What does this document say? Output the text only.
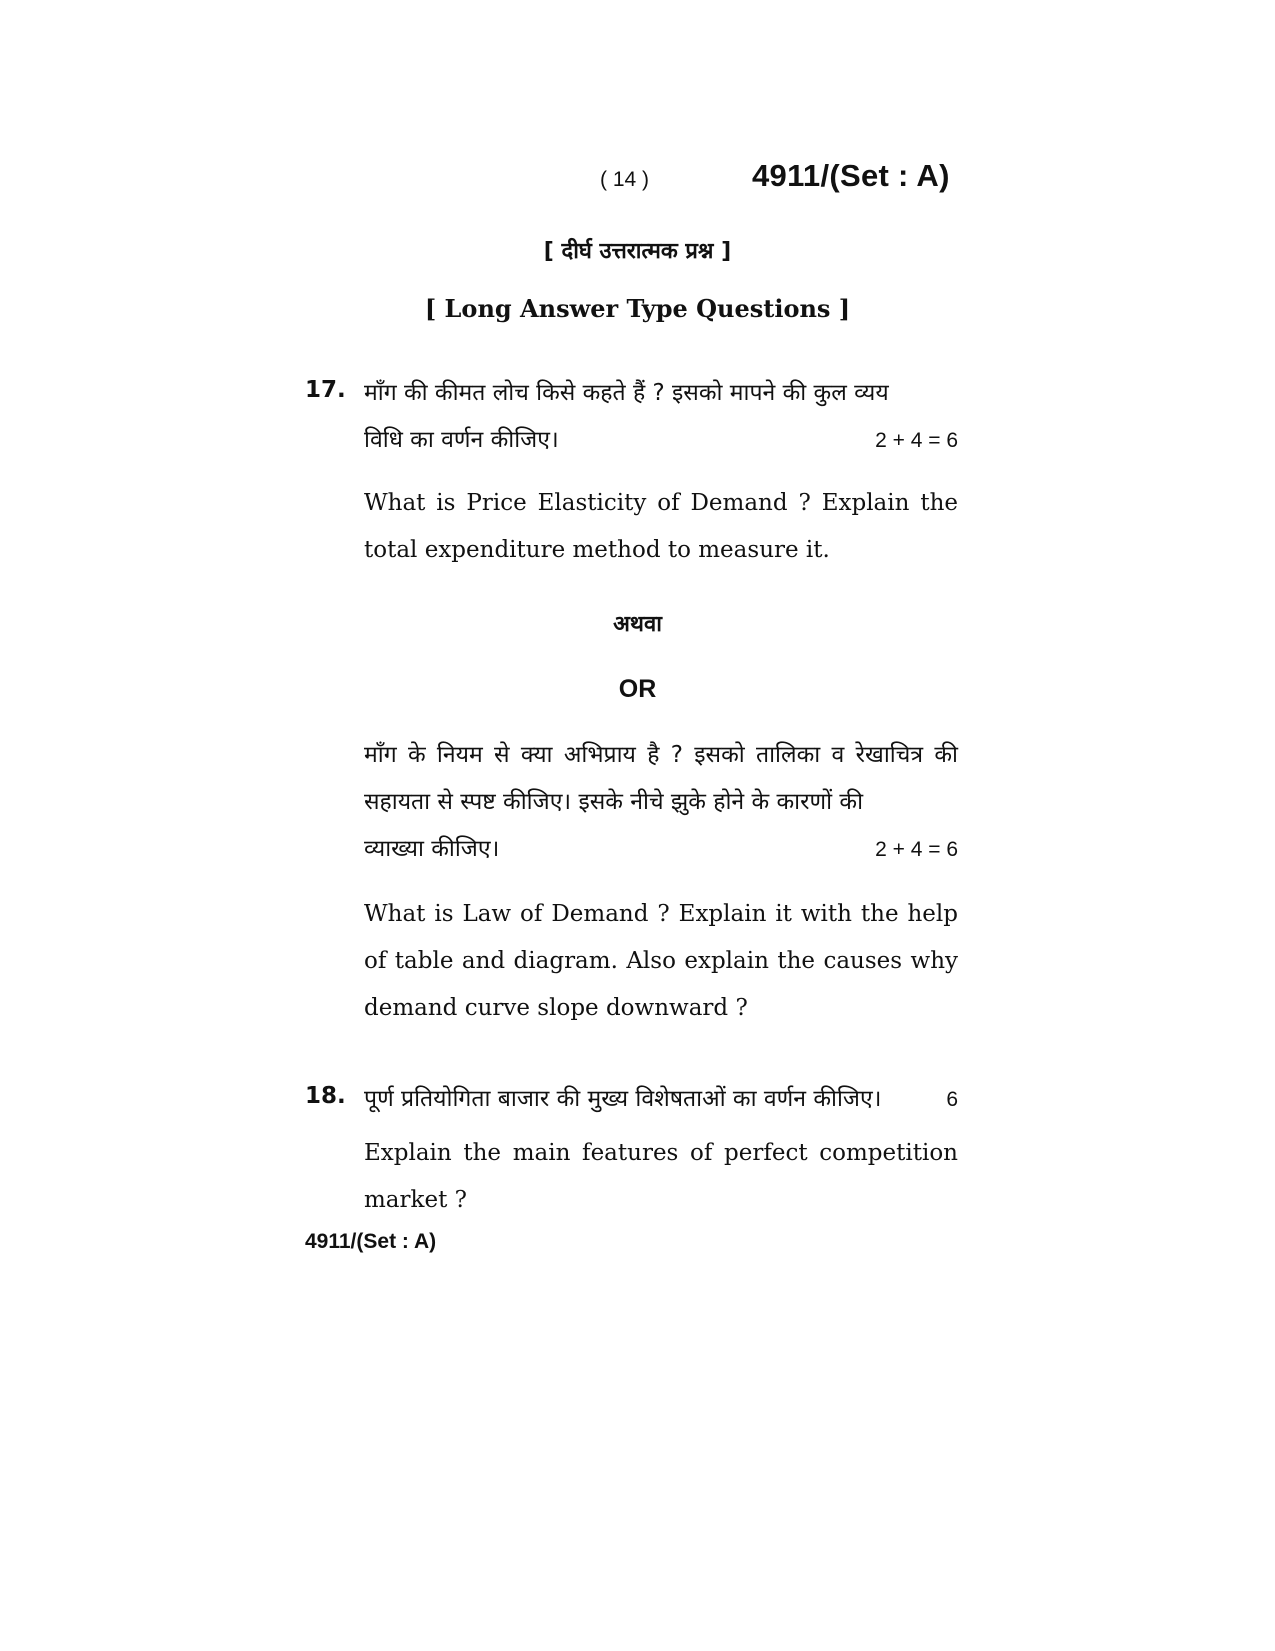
( 14 )	4911/(Set : A)
[ दीर्घ उत्तरात्मक प्रश्न ]
[ Long Answer Type Questions ]
17. माँग की कीमत लोच किसे कहते हैं ? इसको मापने की कुल व्यय
विधि का वर्णन कीजिए।	2 + 4 = 6
What is Price Elasticity of Demand ? Explain the total expenditure method to measure it.
अथवा
OR
माँग के नियम से क्या अभिप्राय है ? इसको तालिका व रेखाचित्र की सहायता से स्पष्ट कीजिए। इसके नीचे झुके होने के कारणों की
व्याख्या कीजिए।	2 + 4 = 6
What is Law of Demand ? Explain it with the help of table and diagram. Also explain the causes why demand curve slope downward ?
18. पूर्ण प्रतियोगिता बाजार की मुख्य विशेषताओं का वर्णन कीजिए।	6
Explain the main features of perfect competition market ?
4911/(Set : A)
